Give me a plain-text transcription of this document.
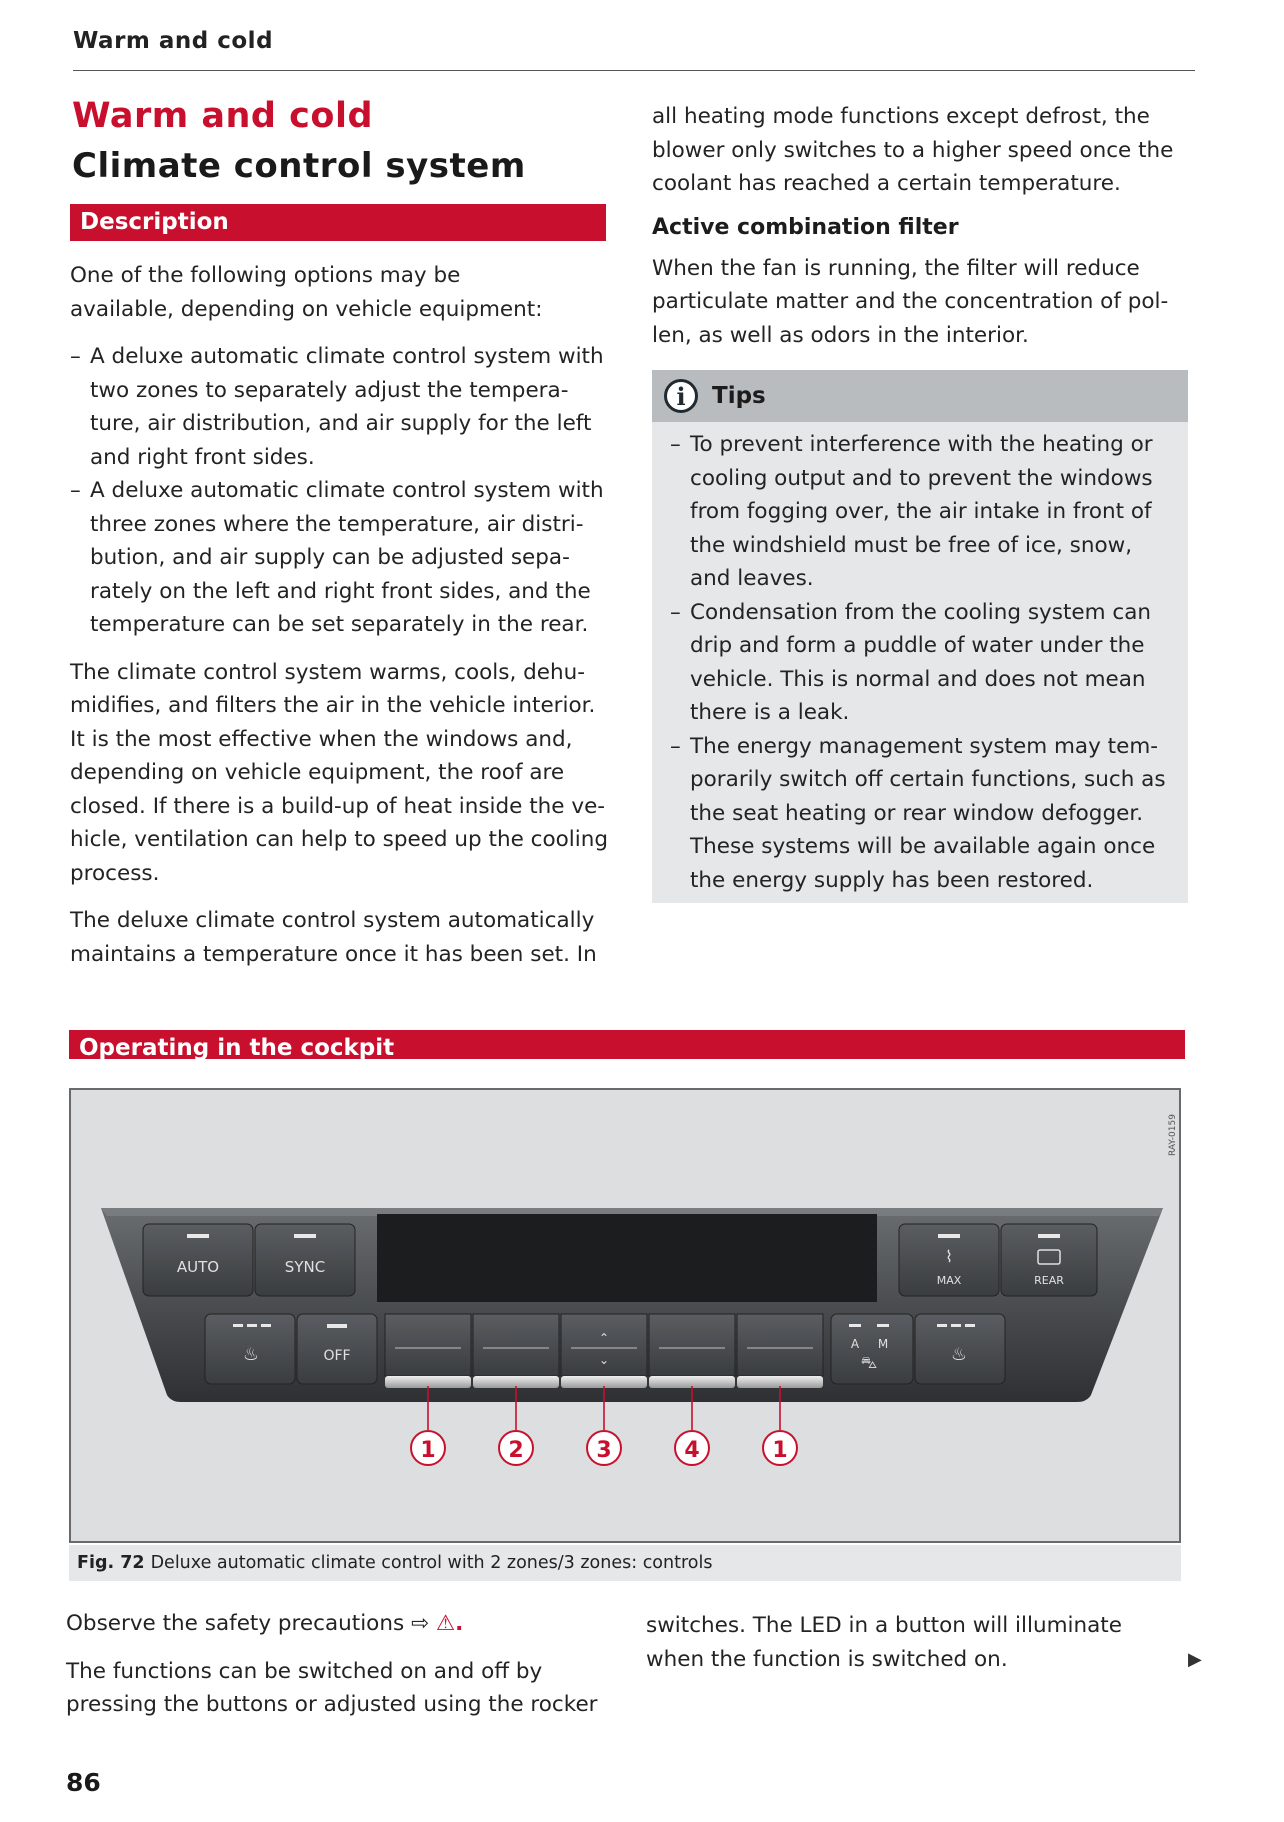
Warm and cold
Warm and cold
Climate control system
Description

One of the following options may be available, depending on vehicle equipment:

– A deluxe automatic climate control system with two zones to separately adjust the tempera-ture, air distribution, and air supply for the left and right front sides.
– A deluxe automatic climate control system with three zones where the temperature, air distri-bution, and air supply can be adjusted sepa-rately on the left and right front sides, and the temperature can be set separately in the rear.

The climate control system warms, cools, dehu-midifies, and filters the air in the vehicle interior. It is the most effective when the windows and, depending on vehicle equipment, the roof are closed. If there is a build-up of heat inside the ve-hicle, ventilation can help to speed up the cooling process.

The deluxe climate control system automatically maintains a temperature once it has been set. In

all heating mode functions except defrost, the blower only switches to a higher speed once the coolant has reached a certain temperature.

Active combination filter

When the fan is running, the filter will reduce particulate matter and the concentration of pol-len, as well as odors in the interior.

i	Tips
– To prevent interference with the heating or cooling output and to prevent the windows from fogging over, the air intake in front of the windshield must be free of ice, snow, and leaves.
– Condensation from the cooling system can drip and form a puddle of water under the vehicle. This is normal and does not mean there is a leak.
– The energy management system may tem-porarily switch off certain functions, such as the seat heating or rear window defogger. These systems will be available again once the energy supply has been restored.
Operating in the cockpit
RAY-0159
AUTO	SYNC
⌇
MAX	REAR
♨	OFF
⌃
⌄
A M
⛍	♨
1	2	3	4	1
Fig. 72 Deluxe automatic climate control with 2 zones/3 zones: controls

Observe the safety precautions ⇨ ⚠.

The functions can be switched on and off by pressing the buttons or adjusted using the rocker

switches. The LED in a button will illuminate when the function is switched on.	▶
86
